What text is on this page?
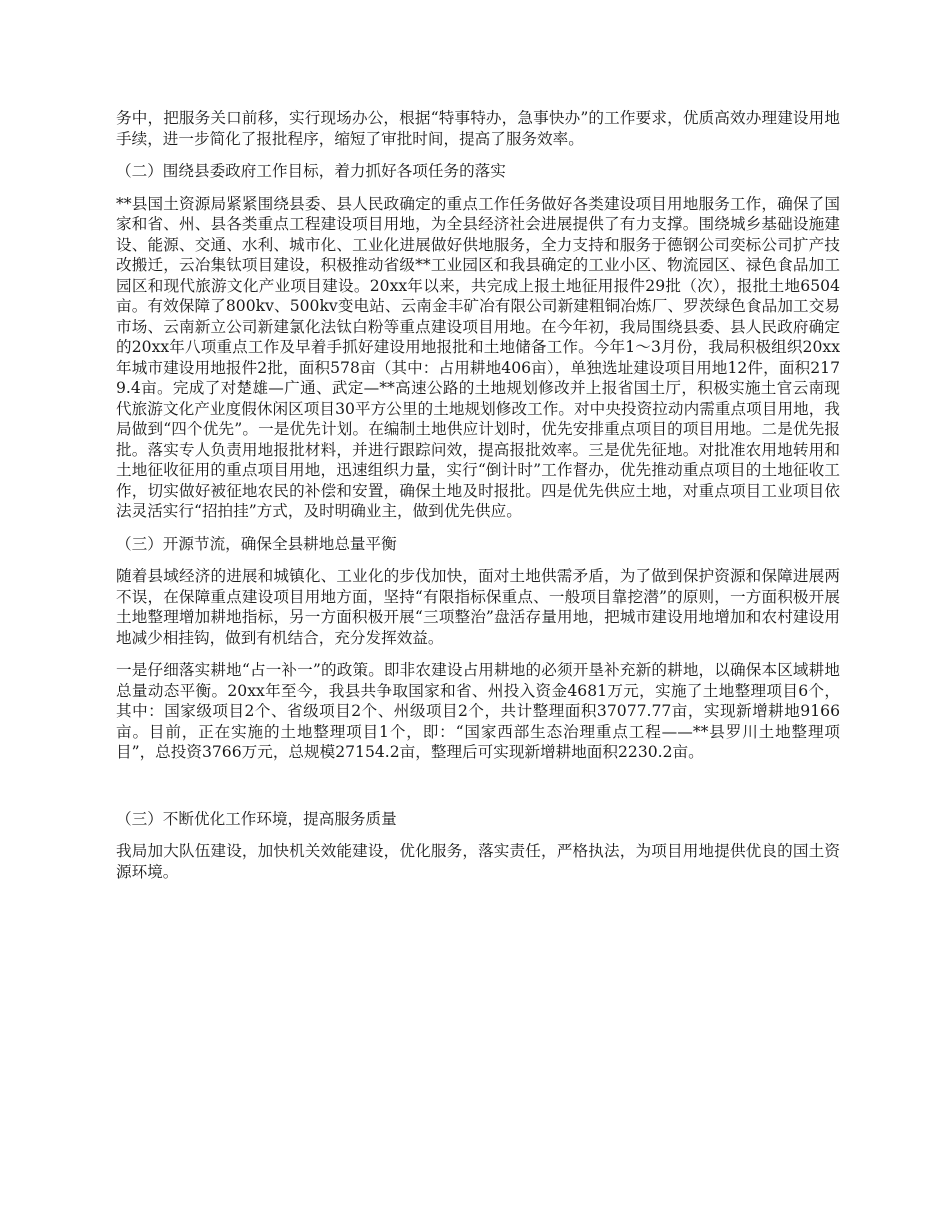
务中，把服务关口前移，实行现场办公，根据“特事特办，急事快办”的工作要求，优质高效办理建设用地手续，进一步简化了报批程序，缩短了审批时间，提高了服务效率。

（二）围绕县委政府工作目标，着力抓好各项任务的落实

**县国土资源局紧紧围绕县委、县人民政确定的重点工作任务做好各类建设项目用地服务工作，确保了国家和省、州、县各类重点工程建设项目用地，为全县经济社会进展提供了有力支撑。围绕城乡基础设施建设、能源、交通、水利、城市化、工业化进展做好供地服务，全力支持和服务于德钢公司奕标公司扩产技改搬迁，云冶集钛项目建设，积极推动省级**工业园区和我县确定的工业小区、物流园区、禄色食品加工园区和现代旅游文化产业项目建设。20xx年以来，共完成上报土地征用报件29批（次），报批土地6504亩。有效保障了800kv、500kv变电站、云南金丰矿冶有限公司新建粗铜冶炼厂、罗茨绿色食品加工交易市场、云南新立公司新建氯化法钛白粉等重点建设项目用地。在今年初，我局围绕县委、县人民政府确定的20xx年八项重点工作及早着手抓好建设用地报批和土地储备工作。今年1～3月份，我局积极组织20xx年城市建设用地报件2批，面积578亩（其中：占用耕地406亩），单独选址建设项目用地12件，面积2179.4亩。完成了对楚雄—广通、武定—**高速公路的土地规划修改并上报省国土厅，积极实施土官云南现代旅游文化产业度假休闲区项目30平方公里的土地规划修改工作。对中央投资拉动内需重点项目用地，我局做到“四个优先”。一是优先计划。在编制土地供应计划时，优先安排重点项目的项目用地。二是优先报批。落实专人负责用地报批材料，并进行跟踪问效，提高报批效率。三是优先征地。对批准农用地转用和土地征收征用的重点项目用地，迅速组织力量，实行“倒计时”工作督办，优先推动重点项目的土地征收工作，切实做好被征地农民的补偿和安置，确保土地及时报批。四是优先供应土地，对重点项目工业项目依法灵活实行“招拍挂”方式，及时明确业主，做到优先供应。

（三）开源节流，确保全县耕地总量平衡

随着县域经济的进展和城镇化、工业化的步伐加快，面对土地供需矛盾，为了做到保护资源和保障进展两不误，在保障重点建设项目用地方面，坚持“有限指标保重点、一般项目靠挖潜”的原则，一方面积极开展土地整理增加耕地指标，另一方面积极开展“三项整治”盘活存量用地，把城市建设用地增加和农村建设用地减少相挂钩，做到有机结合，充分发挥效益。

一是仔细落实耕地“占一补一”的政策。即非农建设占用耕地的必须开垦补充新的耕地，以确保本区域耕地总量动态平衡。20xx年至今，我县共争取国家和省、州投入资金4681万元，实施了土地整理项目6个，其中：国家级项目2个、省级项目2个、州级项目2个，共计整理面积37077.77亩，实现新增耕地9166亩。目前，正在实施的土地整理项目1个，即：“国家西部生态治理重点工程——**县罗川土地整理项目”，总投资3766万元，总规模27154.2亩，整理后可实现新增耕地面积2230.2亩。

（三）不断优化工作环境，提高服务质量

我局加大队伍建设，加快机关效能建设，优化服务，落实责任，严格执法，为项目用地提供优良的国土资源环境。
